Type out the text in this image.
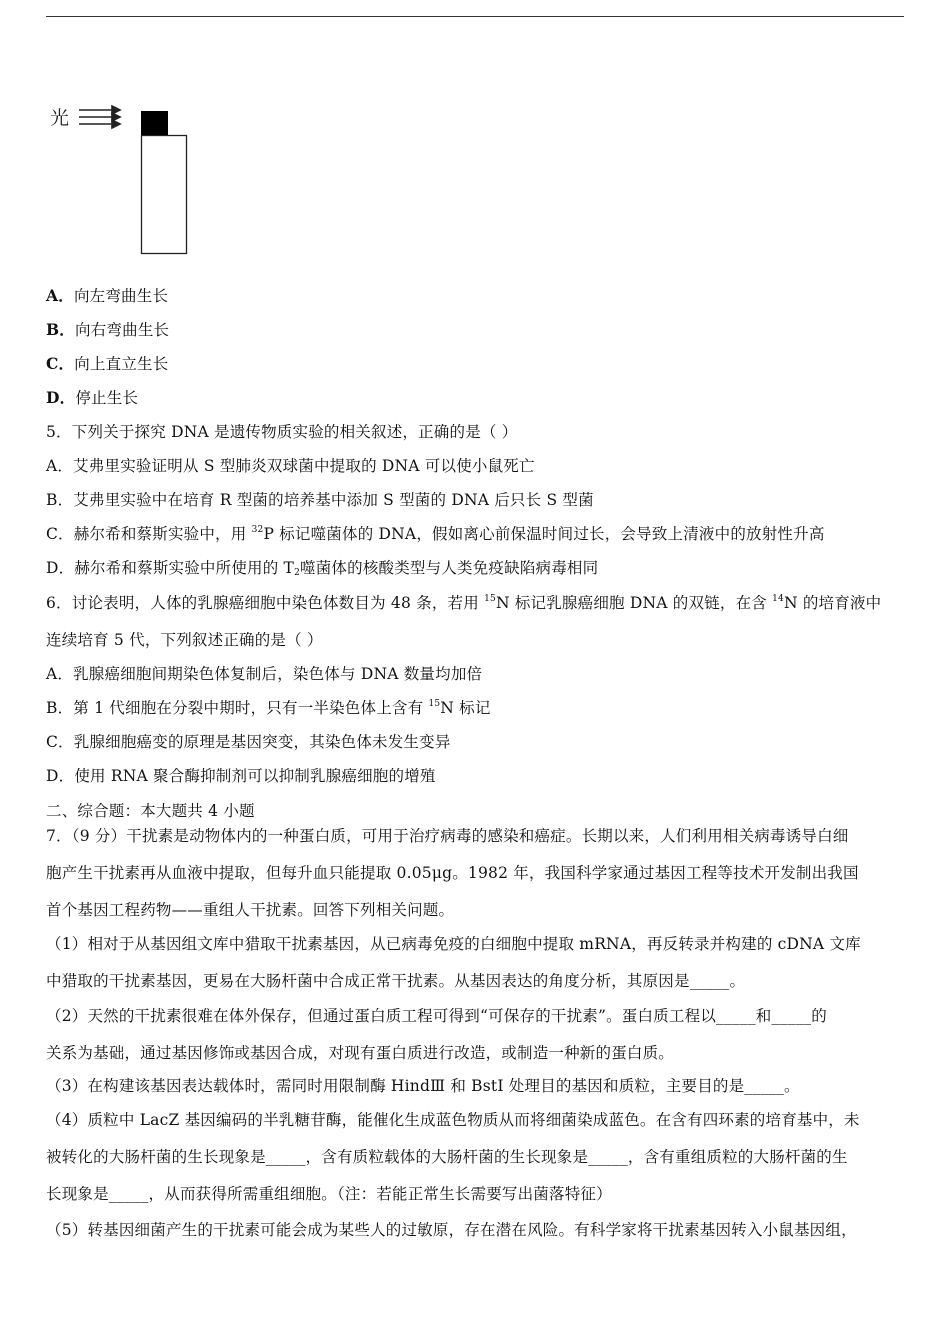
光
A．向左弯曲生长
B．向右弯曲生长
C．向上直立生长
D．停止生长
5．下列关于探究 DNA 是遗传物质实验的相关叙述，正确的是（ ）
A．艾弗里实验证明从 S 型肺炎双球菌中提取的 DNA 可以使小鼠死亡
B．艾弗里实验中在培育 R 型菌的培养基中添加 S 型菌的 DNA 后只长 S 型菌
C．赫尔希和蔡斯实验中，用 $^{32}$P 标记噬菌体的 DNA，假如离心前保温时间过长，会导致上清液中的放射性升高
D．赫尔希和蔡斯实验中所使用的 $T_2$噬菌体的核酸类型与人类免疫缺陷病毒相同
6．讨论表明，人体的乳腺癌细胞中染色体数目为 48 条，若用 $^{15}$N 标记乳腺癌细胞 DNA 的双链，在含 $^{14}$N 的培育液中
连续培育 5 代，下列叙述正确的是（ ）
A．乳腺癌细胞间期染色体复制后，染色体与 DNA 数量均加倍
B．第 1 代细胞在分裂中期时，只有一半染色体上含有 $^{15}$N 标记
C．乳腺细胞癌变的原理是基因突变，其染色体未发生变异
D．使用 RNA 聚合酶抑制剂可以抑制乳腺癌细胞的增殖
二、综合题：本大题共 4 小题
7．（9 分）干扰素是动物体内的一种蛋白质，可用于治疗病毒的感染和癌症。长期以来，人们利用相关病毒诱导白细
胞产生干扰素再从血液中提取，但每升血只能提取 0.05μg。1982 年，我国科学家通过基因工程等技术开发制出我国
首个基因工程药物——重组人干扰素。回答下列相关问题。
（1）相对于从基因组文库中猎取干扰素基因，从已病毒免疫的白细胞中提取 mRNA，再反转录并构建的 cDNA 文库
中猎取的干扰素基因，更易在大肠杆菌中合成正常干扰素。从基因表达的角度分析，其原因是_____。
（2）天然的干扰素很难在体外保存，但通过蛋白质工程可得到“可保存的干扰素”。蛋白质工程以_____和_____的
关系为基础，通过基因修饰或基因合成，对现有蛋白质进行改造，或制造一种新的蛋白质。
（3）在构建该基因表达载体时，需同时用限制酶 HindⅢ 和 BstI 处理目的基因和质粒，主要目的是_____。
（4）质粒中 LacZ 基因编码的半乳糖苷酶，能催化生成蓝色物质从而将细菌染成蓝色。在含有四环素的培育基中，未
被转化的大肠杆菌的生长现象是_____，含有质粒载体的大肠杆菌的生长现象是_____，含有重组质粒的大肠杆菌的生
长现象是_____，从而获得所需重组细胞。（注：若能正常生长需要写出菌落特征）
（5）转基因细菌产生的干扰素可能会成为某些人的过敏原，存在潜在风险。有科学家将干扰素基因转入小鼠基因组，
